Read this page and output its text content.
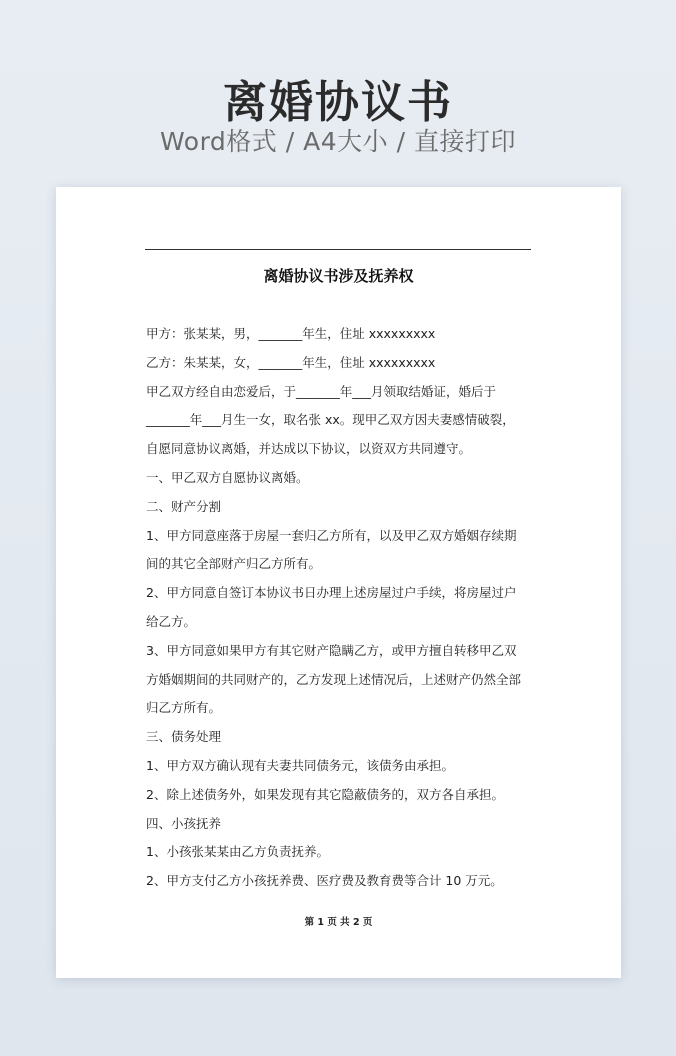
离婚协议书
Word格式 / A4大小 / 直接打印
离婚协议书涉及抚养权
甲方：张某某，男，_______年生，住址 xxxxxxxxx
乙方：朱某某，女，_______年生，住址 xxxxxxxxx
甲乙双方经自由恋爱后，于_______年___月领取结婚证，婚后于
_______年___月生一女，取名张 xx。现甲乙双方因夫妻感情破裂，
自愿同意协议离婚，并达成以下协议，以资双方共同遵守。
一、甲乙双方自愿协议离婚。
二、财产分割
1、甲方同意座落于房屋一套归乙方所有，以及甲乙双方婚姻存续期
间的其它全部财产归乙方所有。
2、甲方同意自签订本协议书日办理上述房屋过户手续，将房屋过户
给乙方。
3、甲方同意如果甲方有其它财产隐瞒乙方，或甲方擅自转移甲乙双
方婚姻期间的共同财产的，乙方发现上述情况后，上述财产仍然全部
归乙方所有。
三、债务处理
1、甲方双方确认现有夫妻共同债务元，该债务由承担。
2、除上述债务外，如果发现有其它隐蔽债务的，双方各自承担。
四、小孩抚养
1、小孩张某某由乙方负责抚养。
2、甲方支付乙方小孩抚养费、医疗费及教育费等合计 10 万元。
第 1 页 共 2 页
